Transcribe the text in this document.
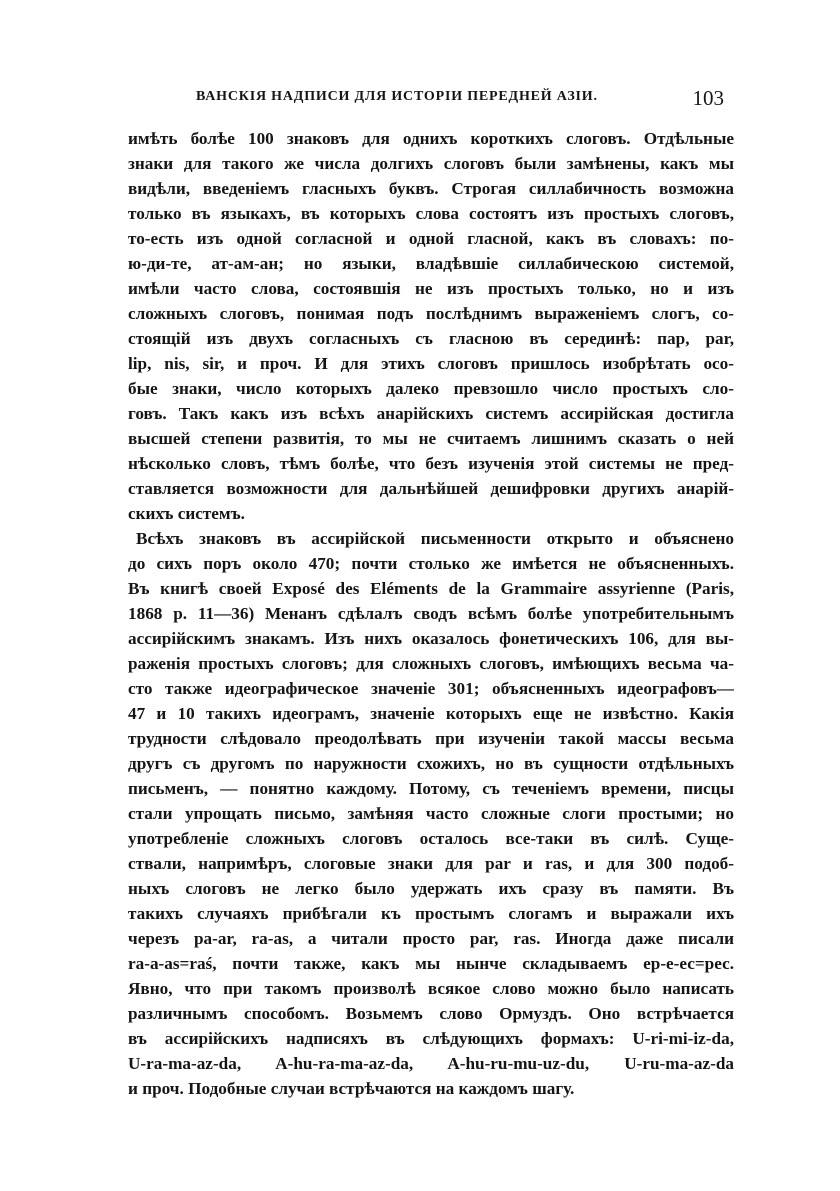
ВАНСКІЯ НАДПИСИ ДЛЯ ИСТОРІИ ПЕРЕДНЕЙ АЗІИ.	103
имѣть болѣе 100 знаковъ для однихъ короткихъ слоговъ. Отдѣльные
знаки для такого же числа долгихъ слоговъ были замѣнены, какъ мы
видѣли, введеніемъ гласныхъ буквъ. Строгая силлабичность возможна
только въ языкахъ, въ которыхъ слова состоятъ изъ простыхъ слоговъ,
то-есть изъ одной согласной и одной гласной, какъ въ словахъ: по-
ю-ди-те, ат-ам-ан; но языки, владѣвшіе силлабическою системой,
имѣли часто слова, состоявшія не изъ простыхъ только, но и изъ
сложныхъ слоговъ, понимая подъ послѣднимъ выраженіемъ слогъ, со-
стоящій изъ двухъ согласныхъ съ гласною въ серединѣ: пар, par,
lip, nis, sir, и проч. И для этихъ слоговъ пришлось изобрѣтать осо-
бые знаки, число которыхъ далеко превзошло число простыхъ сло-
говъ. Такъ какъ изъ всѣхъ анарійскихъ системъ ассирійская достигла
высшей степени развитія, то мы не считаемъ лишнимъ сказать о ней
нѣсколько словъ, тѣмъ болѣе, что безъ изученія этой системы не пред-
ставляется возможности для дальнѣйшей дешифровки другихъ анарій-
скихъ системъ.
Всѣхъ знаковъ въ ассирійской письменности открыто и объяснено
до сихъ поръ около 470; почти столько же имѣется не объясненныхъ.
Въ книгѣ своей Exposé des Eléments de la Grammaire assyrienne (Paris,
1868 p. 11—36) Менанъ сдѣлалъ сводъ всѣмъ болѣе употребительнымъ
ассирійскимъ знакамъ. Изъ нихъ оказалось фонетическихъ 106, для вы-
раженія простыхъ слоговъ; для сложныхъ слоговъ, имѣющихъ весьма ча-
сто также идеографическое значеніе 301; объясненныхъ идеографовъ—
47 и 10 такихъ идеограмъ, значеніе которыхъ еще не извѣстно. Какія
трудности слѣдовало преодолѣвать при изученіи такой массы весьма
другъ съ другомъ по наружности схожихъ, но въ сущности отдѣльныхъ
письменъ, — понятно каждому. Потому, съ теченіемъ времени, писцы
стали упрощать письмо, замѣняя часто сложные слоги простыми; но
употребленіе сложныхъ слоговъ осталось все-таки въ силѣ. Суще-
ствали, напримѣръ, слоговые знаки для par и ras, и для 300 подоб-
ныхъ слоговъ не легко было удержать ихъ сразу въ памяти. Въ
такихъ случаяхъ прибѣгали къ простымъ слогамъ и выражали ихъ
черезъ pa-ar, ra-as, а читали просто par, ras. Иногда даже писали
ra-a-as=raś, почти также, какъ мы нынче складываемъ ер-е-ес=рес.
Явно, что при такомъ произволѣ всякое слово можно было написать
различнымъ способомъ. Возьмемъ слово Ормуздъ. Оно встрѣчается
въ ассирійскихъ надписяхъ въ слѣдующихъ формахъ: U-ri-mi-iz-da,
U-ra-ma-az-da, A-hu-ra-ma-az-da, A-hu-ru-mu-uz-du, U-ru-ma-az-da
и проч. Подобные случаи встрѣчаются на каждомъ шагу.
